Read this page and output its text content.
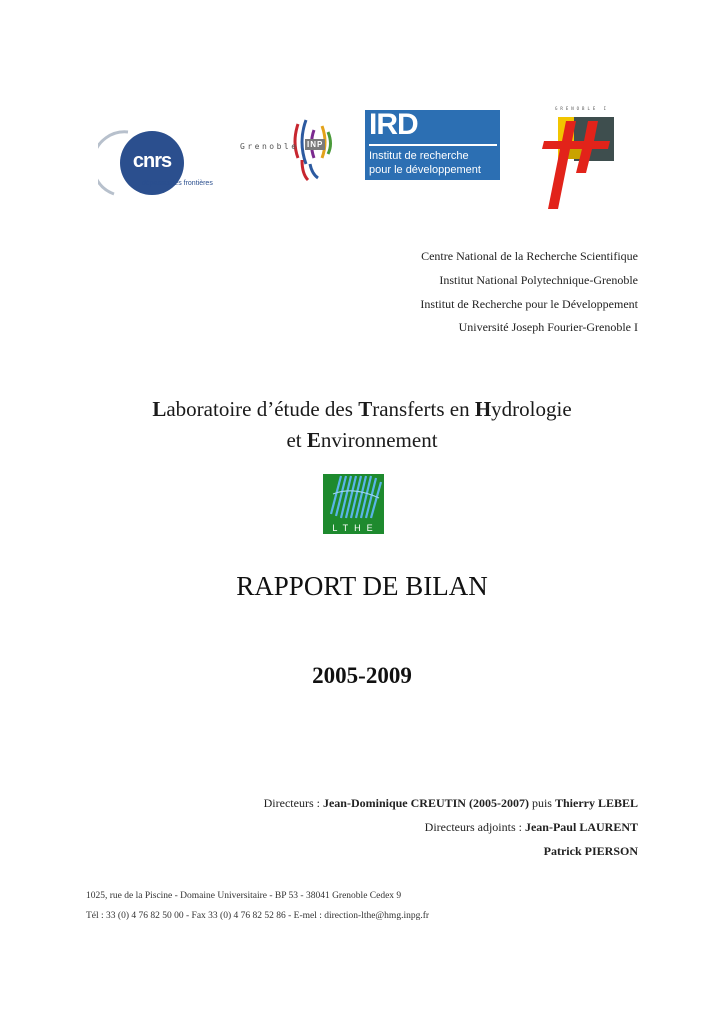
cnrs
dépasser les frontières
Grenoble INP
IRD
Institut de recherche
pour le développement
GRENOBLE I
Centre National de la Recherche Scientifique
Institut National Polytechnique-Grenoble
Institut de Recherche pour le Développement
Université Joseph Fourier-Grenoble I
Laboratoire d’étude des Transferts en Hydrologie
et Environnement
LTHE
RAPPORT DE BILAN
2005-2009
Directeurs : Jean-Dominique CREUTIN (2005-2007) puis Thierry LEBEL
Directeurs adjoints : Jean-Paul LAURENT
Patrick PIERSON
1025, rue de la Piscine - Domaine Universitaire - BP 53 - 38041 Grenoble Cedex 9
Tél : 33 (0) 4 76 82 50 00 - Fax 33 (0) 4 76 82 52 86 - E-mel : direction-lthe@hmg.inpg.fr
